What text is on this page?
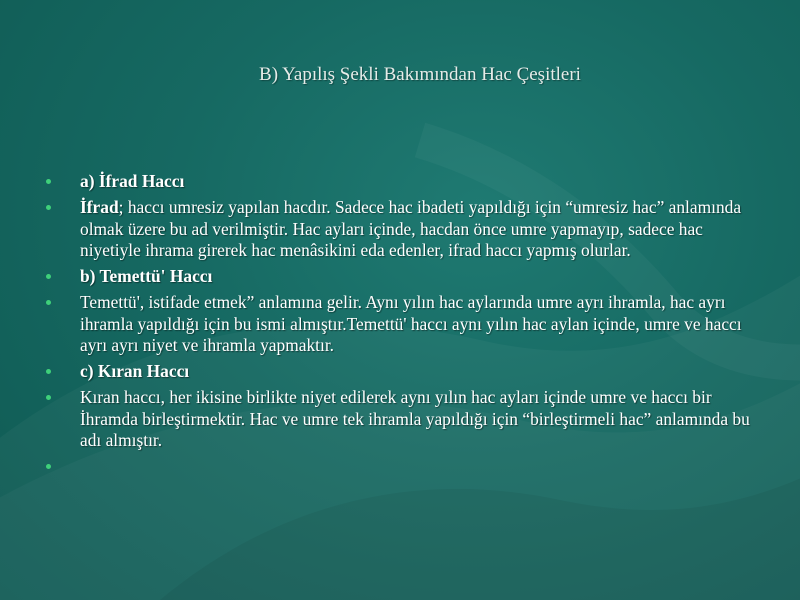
B) Yapılış Şekli Bakımından Hac Çeşitleri
a) İfrad Haccı
İfrad; haccı umresiz yapılan hacdır. Sadece hac ibadeti yapıldığı için “umresiz hac” anlamında olmak üzere bu ad verilmiştir. Hac ayları içinde, hacdan önce umre yapmayıp, sadece hac niyetiyle ihrama girerek hac menâsikini eda edenler, ifrad haccı yapmış olurlar.
b) Temettü' Haccı
Temettü', istifade etmek” anlamına gelir. Aynı yılın hac aylarında umre ayrı ihramla, hac ayrı ihramla yapıldığı için bu ismi almıştır.Temettü' haccı aynı yılın hac aylan içinde, umre ve haccı ayrı ayrı niyet ve ihramla yapmaktır.
c) Kıran Haccı
Kıran haccı, her ikisine birlikte niyet edilerek aynı yılın hac ayları içinde umre ve haccı bir İhramda birleştirmektir. Hac ve umre tek ihramla yapıldığı için “birleştirmeli hac” anlamında bu adı almıştır.
